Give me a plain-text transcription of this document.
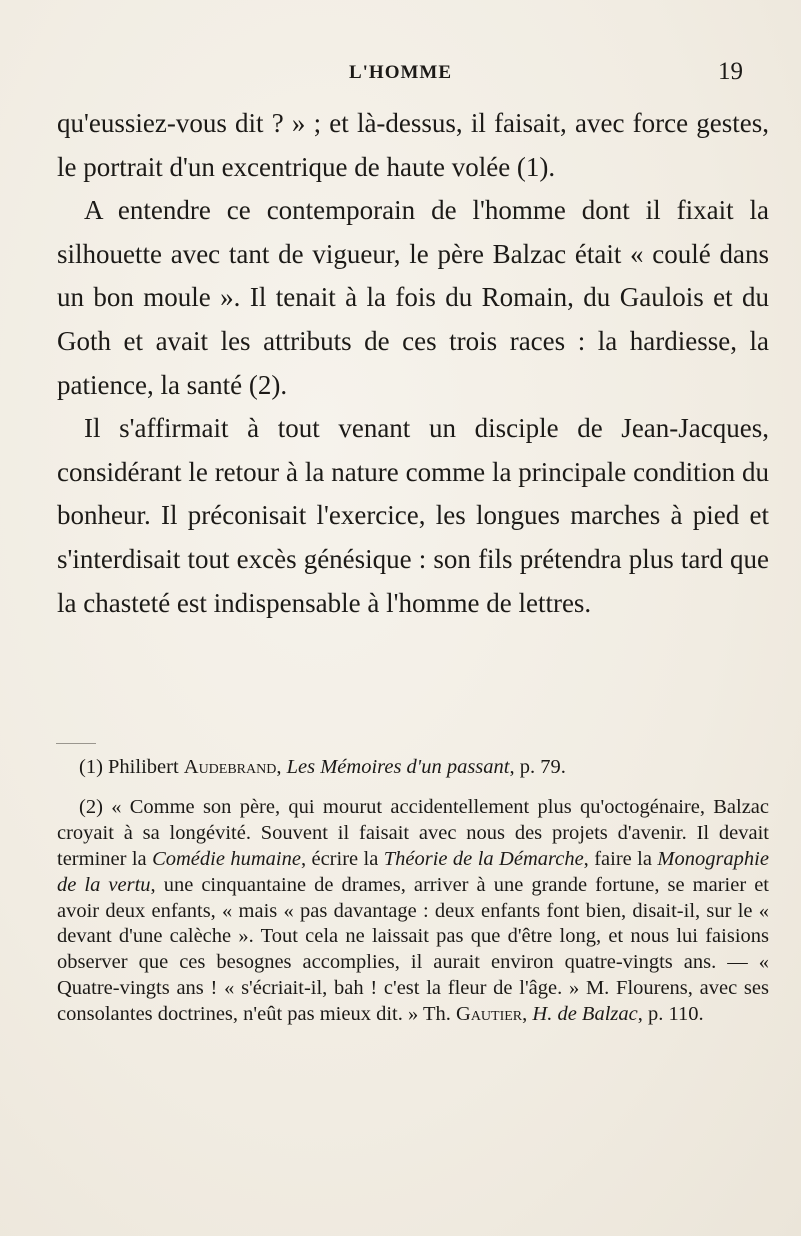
L'HOMME	19

qu'eussiez-vous dit ? » ; et là-dessus, il faisait, avec force gestes, le portrait d'un excentrique de haute volée (1).

A entendre ce contemporain de l'homme dont il fixait la silhouette avec tant de vigueur, le père Balzac était « coulé dans un bon moule ». Il tenait à la fois du Romain, du Gaulois et du Goth et avait les attributs de ces trois races : la hardiesse, la patience, la santé (2).

Il s'affirmait à tout venant un disciple de Jean-Jacques, considérant le retour à la nature comme la principale condition du bonheur. Il préconisait l'exercice, les longues marches à pied et s'interdisait tout excès génésique : son fils prétendra plus tard que la chasteté est indispensable à l'homme de lettres.

(1) Philibert Audebrand, Les Mémoires d'un passant, p. 79.

(2) « Comme son père, qui mourut accidentellement plus qu'octogénaire, Balzac croyait à sa longévité. Souvent il faisait avec nous des projets d'avenir. Il devait terminer la Comédie humaine, écrire la Théorie de la Démarche, faire la Monographie de la vertu, une cinquantaine de drames, arriver à une grande fortune, se marier et avoir deux enfants, « mais « pas davantage : deux enfants font bien, disait-il, sur le « devant d'une calèche ». Tout cela ne laissait pas que d'être long, et nous lui faisions observer que ces besognes accomplies, il aurait environ quatre-vingts ans. — « Quatre-vingts ans ! « s'écriait-il, bah ! c'est la fleur de l'âge. » M. Flourens, avec ses consolantes doctrines, n'eût pas mieux dit. » Th. Gautier, H. de Balzac, p. 110.
